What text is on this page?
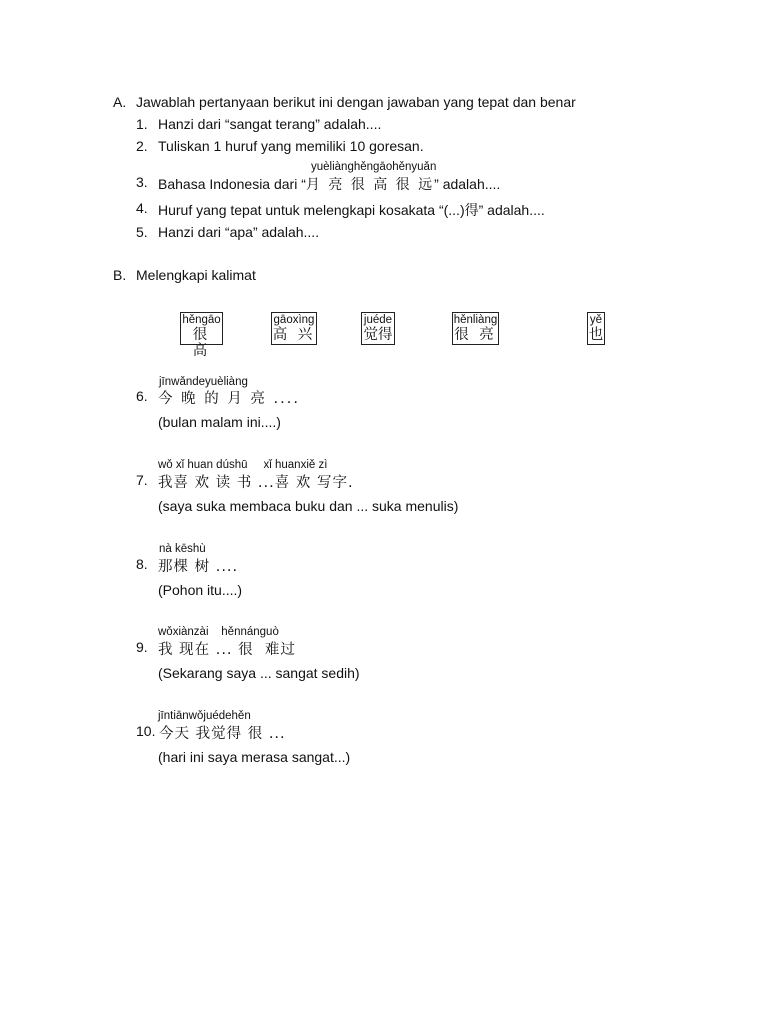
A. Jawablah pertanyaan berikut ini dengan jawaban yang tepat dan benar
1. Hanzi dari “sangat terang” adalah....
2. Tuliskan 1 huruf yang memiliki 10 goresan.
yuèliànghěngāohěnyuǎn
3. Bahasa Indonesia dari “月 亮 很 高 很 远” adalah....
4. Huruf yang tepat untuk melengkapi kosakata “(...)得” adalah....
5. Hanzi dari “apa” adalah....
B. Melengkapi kalimat
hěngāo
很 高
gāoxìng
高 兴
juéde
觉得
hěnliàng
很 亮
yě
也
jīnwǎndeyuèliàng
6. 今 晚 的 月 亮 ....
(bulan malam ini....)
wǒ xǐ huan dúshū     xǐ huanxiě zì
7. 我喜 欢 读 书 ...喜 欢 写字.
(saya suka membaca buku dan ... suka menulis)
nà kēshù
8. 那棵 树 ....
(Pohon itu....)
wǒxiànzài    hěnnánguò
9. 我 现在 ... 很  难过
(Sekarang saya ... sangat sedih)
jīntiānwǒjuédehěn
10. 今天 我觉得 很 ...
(hari ini saya merasa sangat...)
